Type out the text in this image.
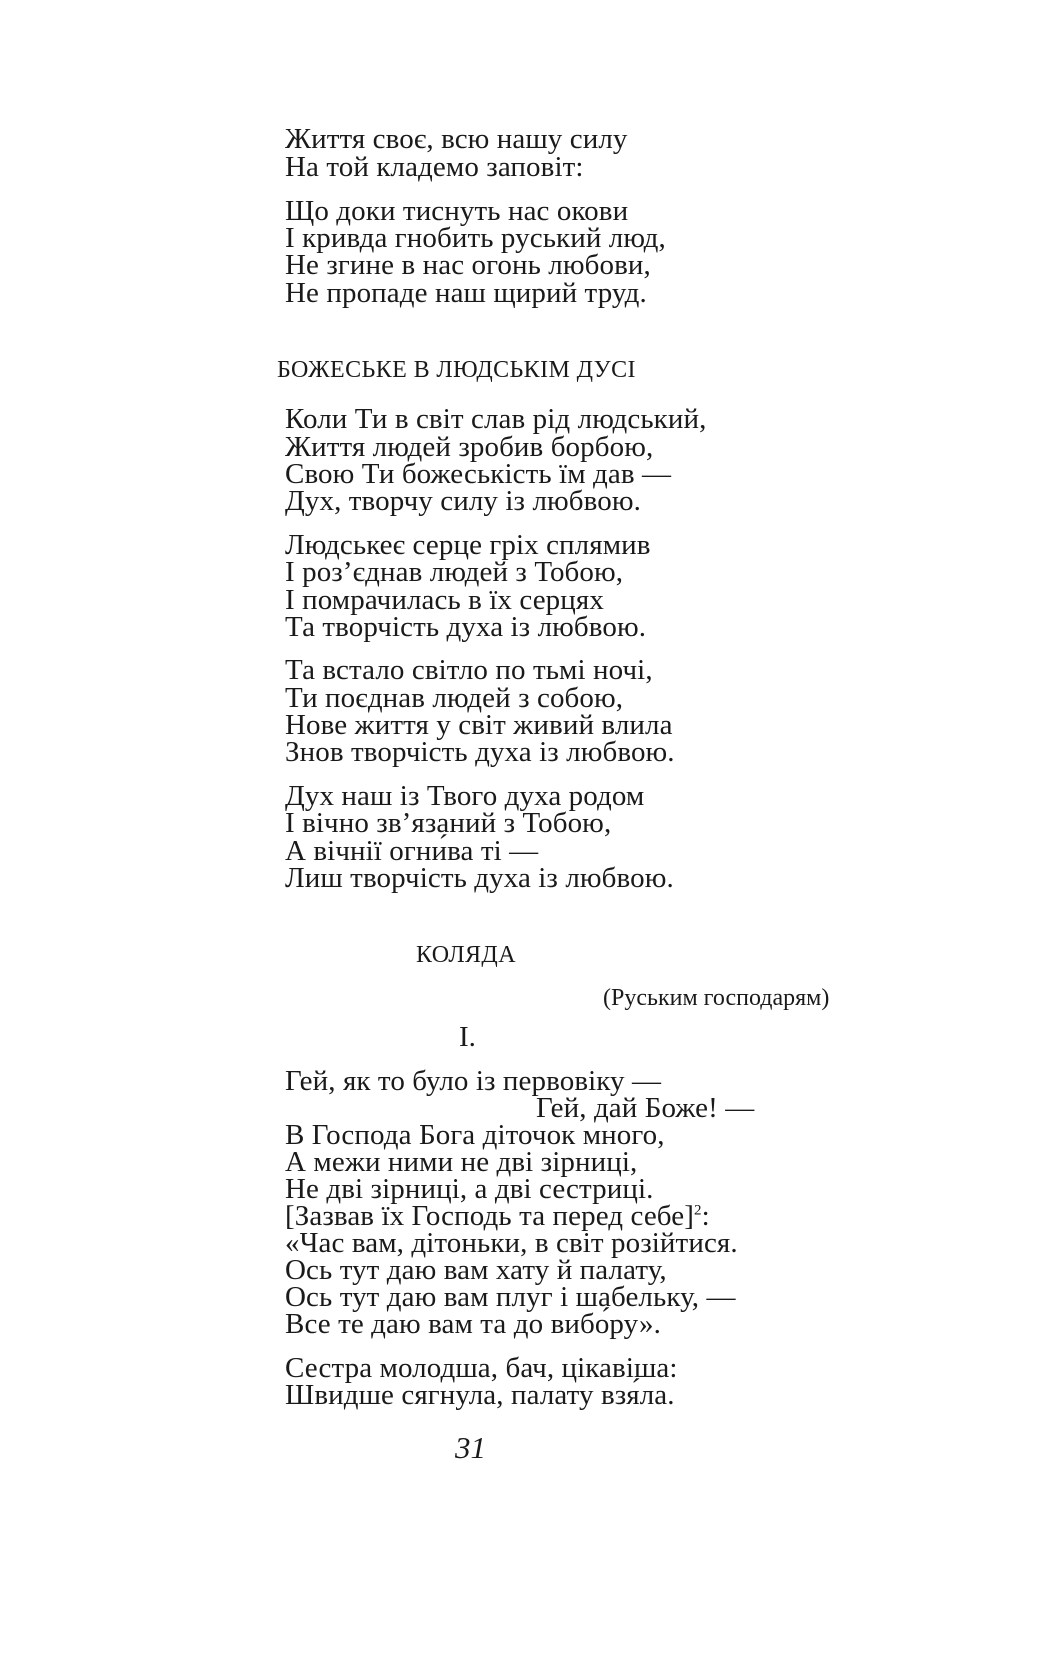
Життя своє, всю нашу силу
На той кладемо заповіт:
Що доки тиснуть нас окови
І кривда гнобить руський люд,
Не згине в нас огонь любови,
Не пропаде наш щирий труд.
БОЖЕСЬКЕ В ЛЮДСЬКІМ ДУСІ
Коли Ти в світ слав рід людський,
Життя людей зробив борбою,
Свою Ти божеськість їм дав —
Дух, творчу силу із любвою.
Людськеє серце гріх сплямив
І роз’єднав людей з Тобою,
І помрачилась в їх серцях
Та творчість духа із любвою.
Та встало світло по тьмі ночі,
Ти поєднав людей з собою,
Нове життя у світ живий влила
Знов творчість духа із любвою.
Дух наш із Твого духа родом
І вічно зв’язаний з Тобою,
А вічнії огни́ва ті —
Лиш творчість духа із любвою.
КОЛЯДА
(Руським господарям)
I.
Гей, як то було із первовіку —
Гей, дай Боже! —
В Господа Бога діточок много,
А межи ними не дві зірниці,
Не дві зірниці, а дві сестриці.
[Зазвав їх Господь та перед себе]$^2$:
«Час вам, дітоньки, в світ розійтися.
Ось тут даю вам хату й палату,
Ось тут даю вам плуг і шабельку, —
Все те даю вам та до вибо́ру».
Сестра молодша, бач, цікавіша:
Швидше сягнула, палату взя́ла.
31
